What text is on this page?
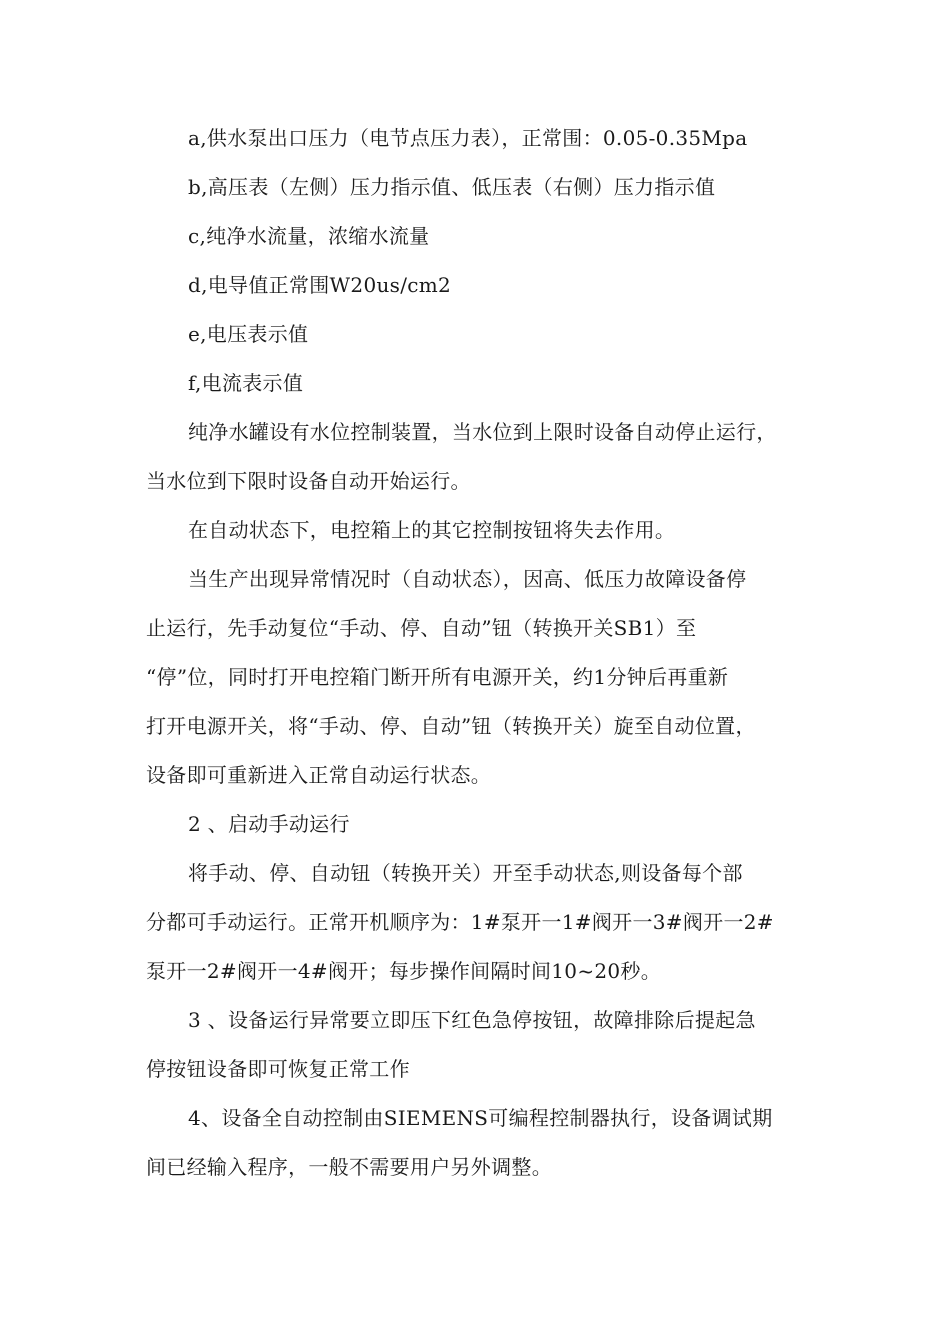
a,供水泵出口压力（电节点压力表），正常围：0.05-0.35Mpa
b,高压表（左侧）压力指示值、低压表（右侧）压力指示值
c,纯净水流量，浓缩水流量
d,电导值正常围W20us/cm2
e,电压表示值
f,电流表示值
纯净水罐设有水位控制装置，当水位到上限时设备自动停止运行，
当水位到下限时设备自动开始运行。
在自动状态下，电控箱上的其它控制按钮将失去作用。
当生产出现异常情况时（自动状态），因高、低压力故障设备停
止运行，先手动复位“手动、停、自动”钮（转换开关SB1）至
“停”位，同时打开电控箱门断开所有电源开关，约1分钟后再重新
打开电源开关，将“手动、停、自动”钮（转换开关）旋至自动位置，
设备即可重新进入正常自动运行状态。
2 、启动手动运行
将手动、停、自动钮（转换开关）开至手动状态,则设备每个部
分都可手动运行。正常开机顺序为：1#泵开一1#阀开一3#阀开一2#
泵开一2#阀开一4#阀开；每步操作间隔时间10~20秒。
3 、设备运行异常要立即压下红色急停按钮，故障排除后提起急
停按钮设备即可恢复正常工作
4、设备全自动控制由SIEMENS可编程控制器执行，设备调试期
间已经输入程序，一般不需要用户另外调整。
